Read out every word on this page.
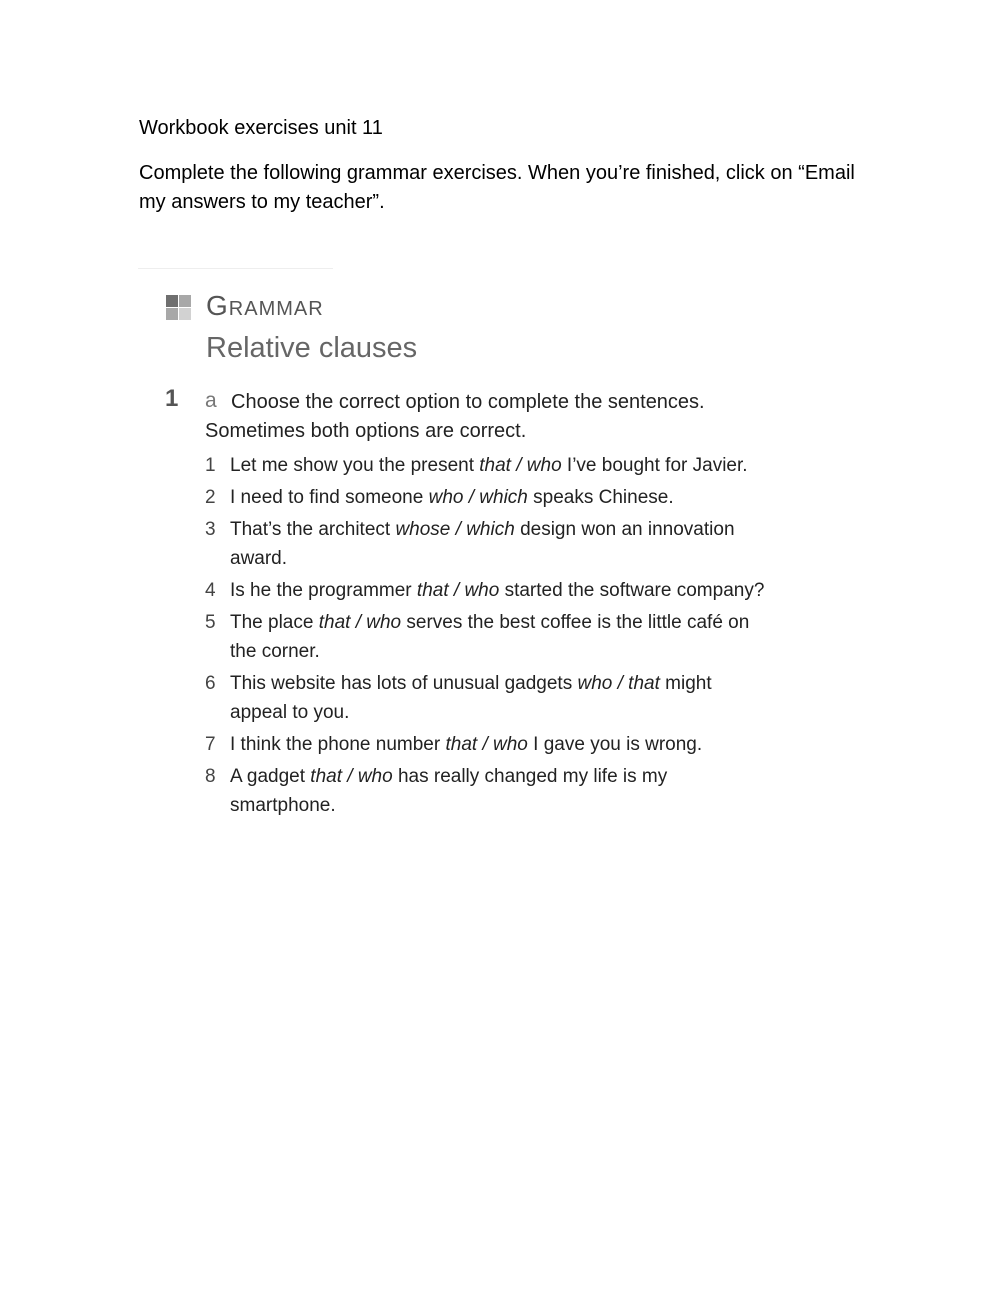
Workbook exercises unit 11

Complete the following grammar exercises. When you’re finished, click on “Email my answers to my teacher”.

Grammar
Relative clauses
1 a Choose the correct option to complete the sentences. Sometimes both options are correct.
1 Let me show you the present that / who I’ve bought for Javier.
2 I need to find someone who / which speaks Chinese.
3 That’s the architect whose / which design won an innovation award.
4 Is he the programmer that / who started the software company?
5 The place that / who serves the best coffee is the little café on the corner.
6 This website has lots of unusual gadgets who / that might appeal to you.
7 I think the phone number that / who I gave you is wrong.
8 A gadget that / who has really changed my life is my smartphone.
